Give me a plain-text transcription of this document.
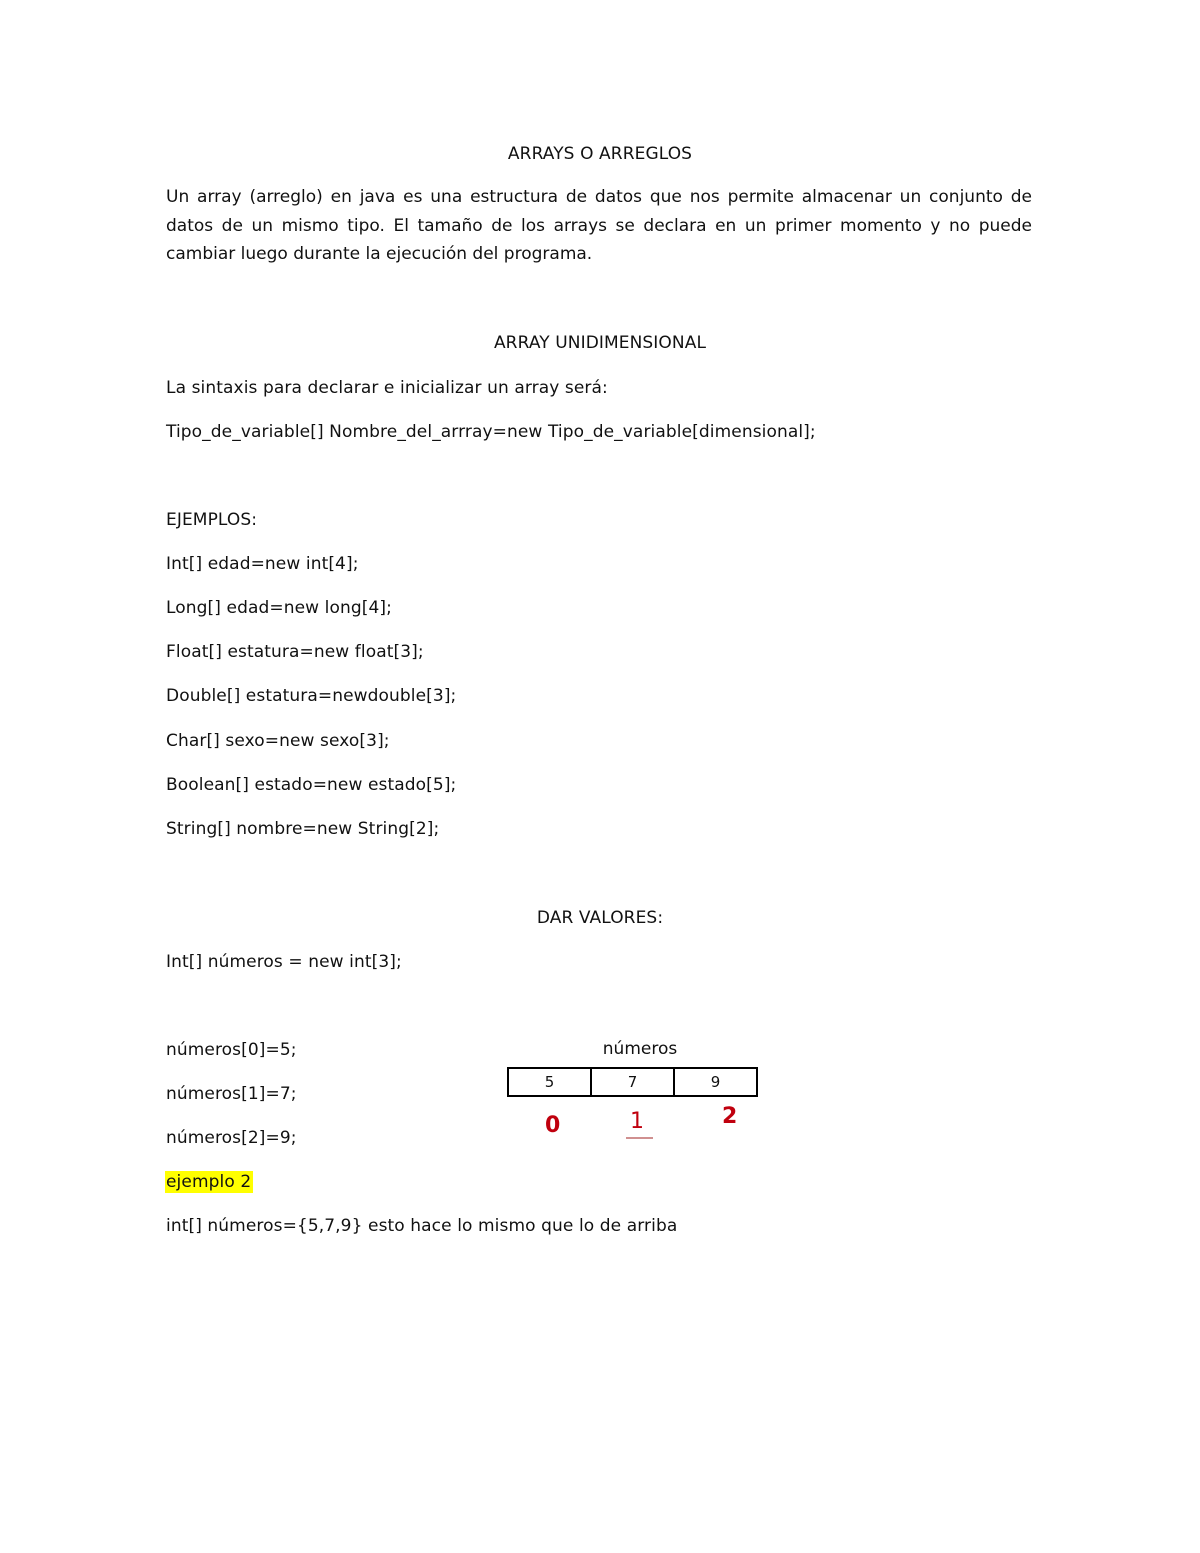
ARRAYS O ARREGLOS
Un array (arreglo) en java es una estructura de datos que nos permite almacenar un conjunto de datos de un mismo tipo. El tamaño de los arrays se declara en un primer momento y no puede cambiar luego durante la ejecución del programa.
ARRAY UNIDIMENSIONAL
La sintaxis para declarar e inicializar un array será:
Tipo_de_variable[] Nombre_del_arrray=new Tipo_de_variable[dimensional];
EJEMPLOS:
Int[] edad=new int[4];
Long[] edad=new long[4];
Float[] estatura=new float[3];
Double[] estatura=newdouble[3];
Char[] sexo=new sexo[3];
Boolean[] estado=new estado[5];
String[] nombre=new String[2];
DAR VALORES:
Int[] números = new int[3];
números[0]=5;
números[1]=7;
números[2]=9;
números
5	7	9
0	1	2
ejemplo 2
int[] números={5,7,9} esto hace lo mismo que lo de arriba
